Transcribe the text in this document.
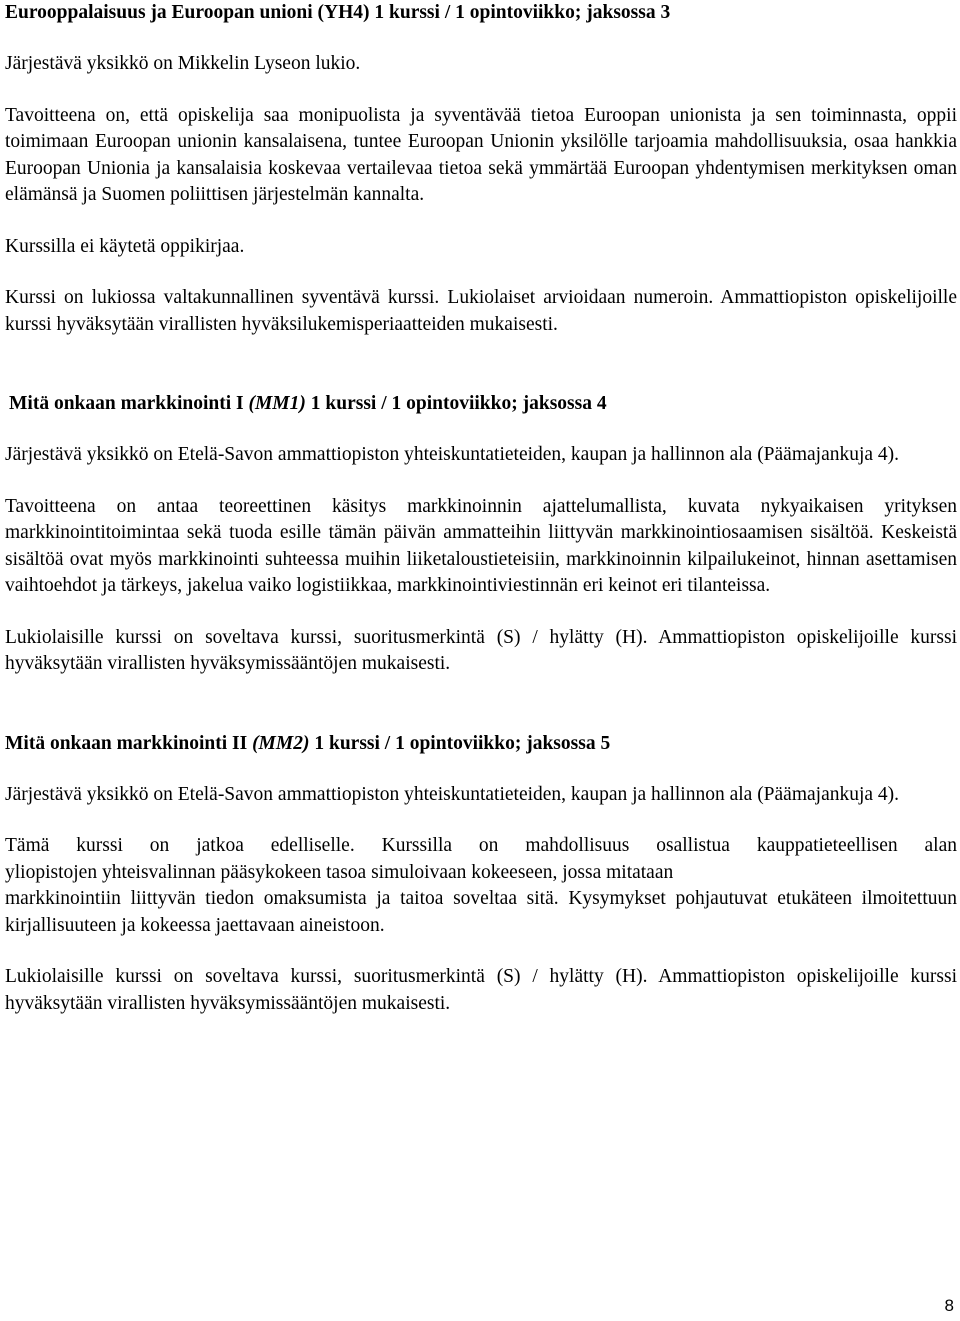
Eurooppalaisuus ja Euroopan unioni (YH4) 1 kurssi / 1 opintoviikko; jaksossa 3

Järjestävä yksikkö on Mikkelin Lyseon lukio.

Tavoitteena on, että opiskelija saa monipuolista ja syventävää tietoa Euroopan unionista ja sen toiminnasta, oppii toimimaan Euroopan unionin kansalaisena, tuntee Euroopan Unionin yksilölle tarjoamia mahdollisuuksia, osaa hankkia Euroopan Unionia ja kansalaisia koskevaa vertailevaa tietoa sekä ymmärtää Euroopan yhdentymisen merkityksen oman elämänsä ja Suomen poliittisen järjestelmän kannalta.

Kurssilla ei käytetä oppikirjaa.

Kurssi on lukiossa valtakunnallinen syventävä kurssi. Lukiolaiset arvioidaan numeroin. Ammattiopiston opiskelijoille kurssi hyväksytään virallisten hyväksilukemisperiaatteiden mukaisesti.

Mitä onkaan markkinointi I (MM1) 1 kurssi / 1 opintoviikko; jaksossa 4

Järjestävä yksikkö on Etelä-Savon ammattiopiston yhteiskuntatieteiden, kaupan ja hallinnon ala (Päämajankuja 4).

Tavoitteena on antaa teoreettinen käsitys markkinoinnin ajattelumallista, kuvata nykyaikaisen yrityksen markkinointitoimintaa sekä tuoda esille tämän päivän ammatteihin liittyvän markkinointiosaamisen sisältöä. Keskeistä sisältöä ovat myös markkinointi suhteessa muihin liiketaloustieteisiin, markkinoinnin kilpailukeinot, hinnan asettamisen vaihtoehdot ja tärkeys, jakelua vaiko logistiikkaa, markkinointiviestinnän eri keinot eri tilanteissa.

Lukiolaisille kurssi on soveltava kurssi, suoritusmerkintä (S) / hylätty (H). Ammattiopiston opiskelijoille kurssi hyväksytään virallisten hyväksymissääntöjen mukaisesti.

Mitä onkaan markkinointi II (MM2) 1 kurssi / 1 opintoviikko; jaksossa 5

Järjestävä yksikkö on Etelä-Savon ammattiopiston yhteiskuntatieteiden, kaupan ja hallinnon ala (Päämajankuja 4).

Tämä kurssi on jatkoa edelliselle. Kurssilla on mahdollisuus osallistua kauppatieteellisen alan

yliopistojen yhteisvalinnan pääsykokeen tasoa simuloivaan kokeeseen, jossa mitataan

markkinointiin liittyvän tiedon omaksumista ja taitoa soveltaa sitä. Kysymykset pohjautuvat etukäteen ilmoitettuun kirjallisuuteen ja kokeessa jaettavaan aineistoon.

Lukiolaisille kurssi on soveltava kurssi, suoritusmerkintä (S) / hylätty (H). Ammattiopiston opiskelijoille kurssi hyväksytään virallisten hyväksymissääntöjen mukaisesti.

8
